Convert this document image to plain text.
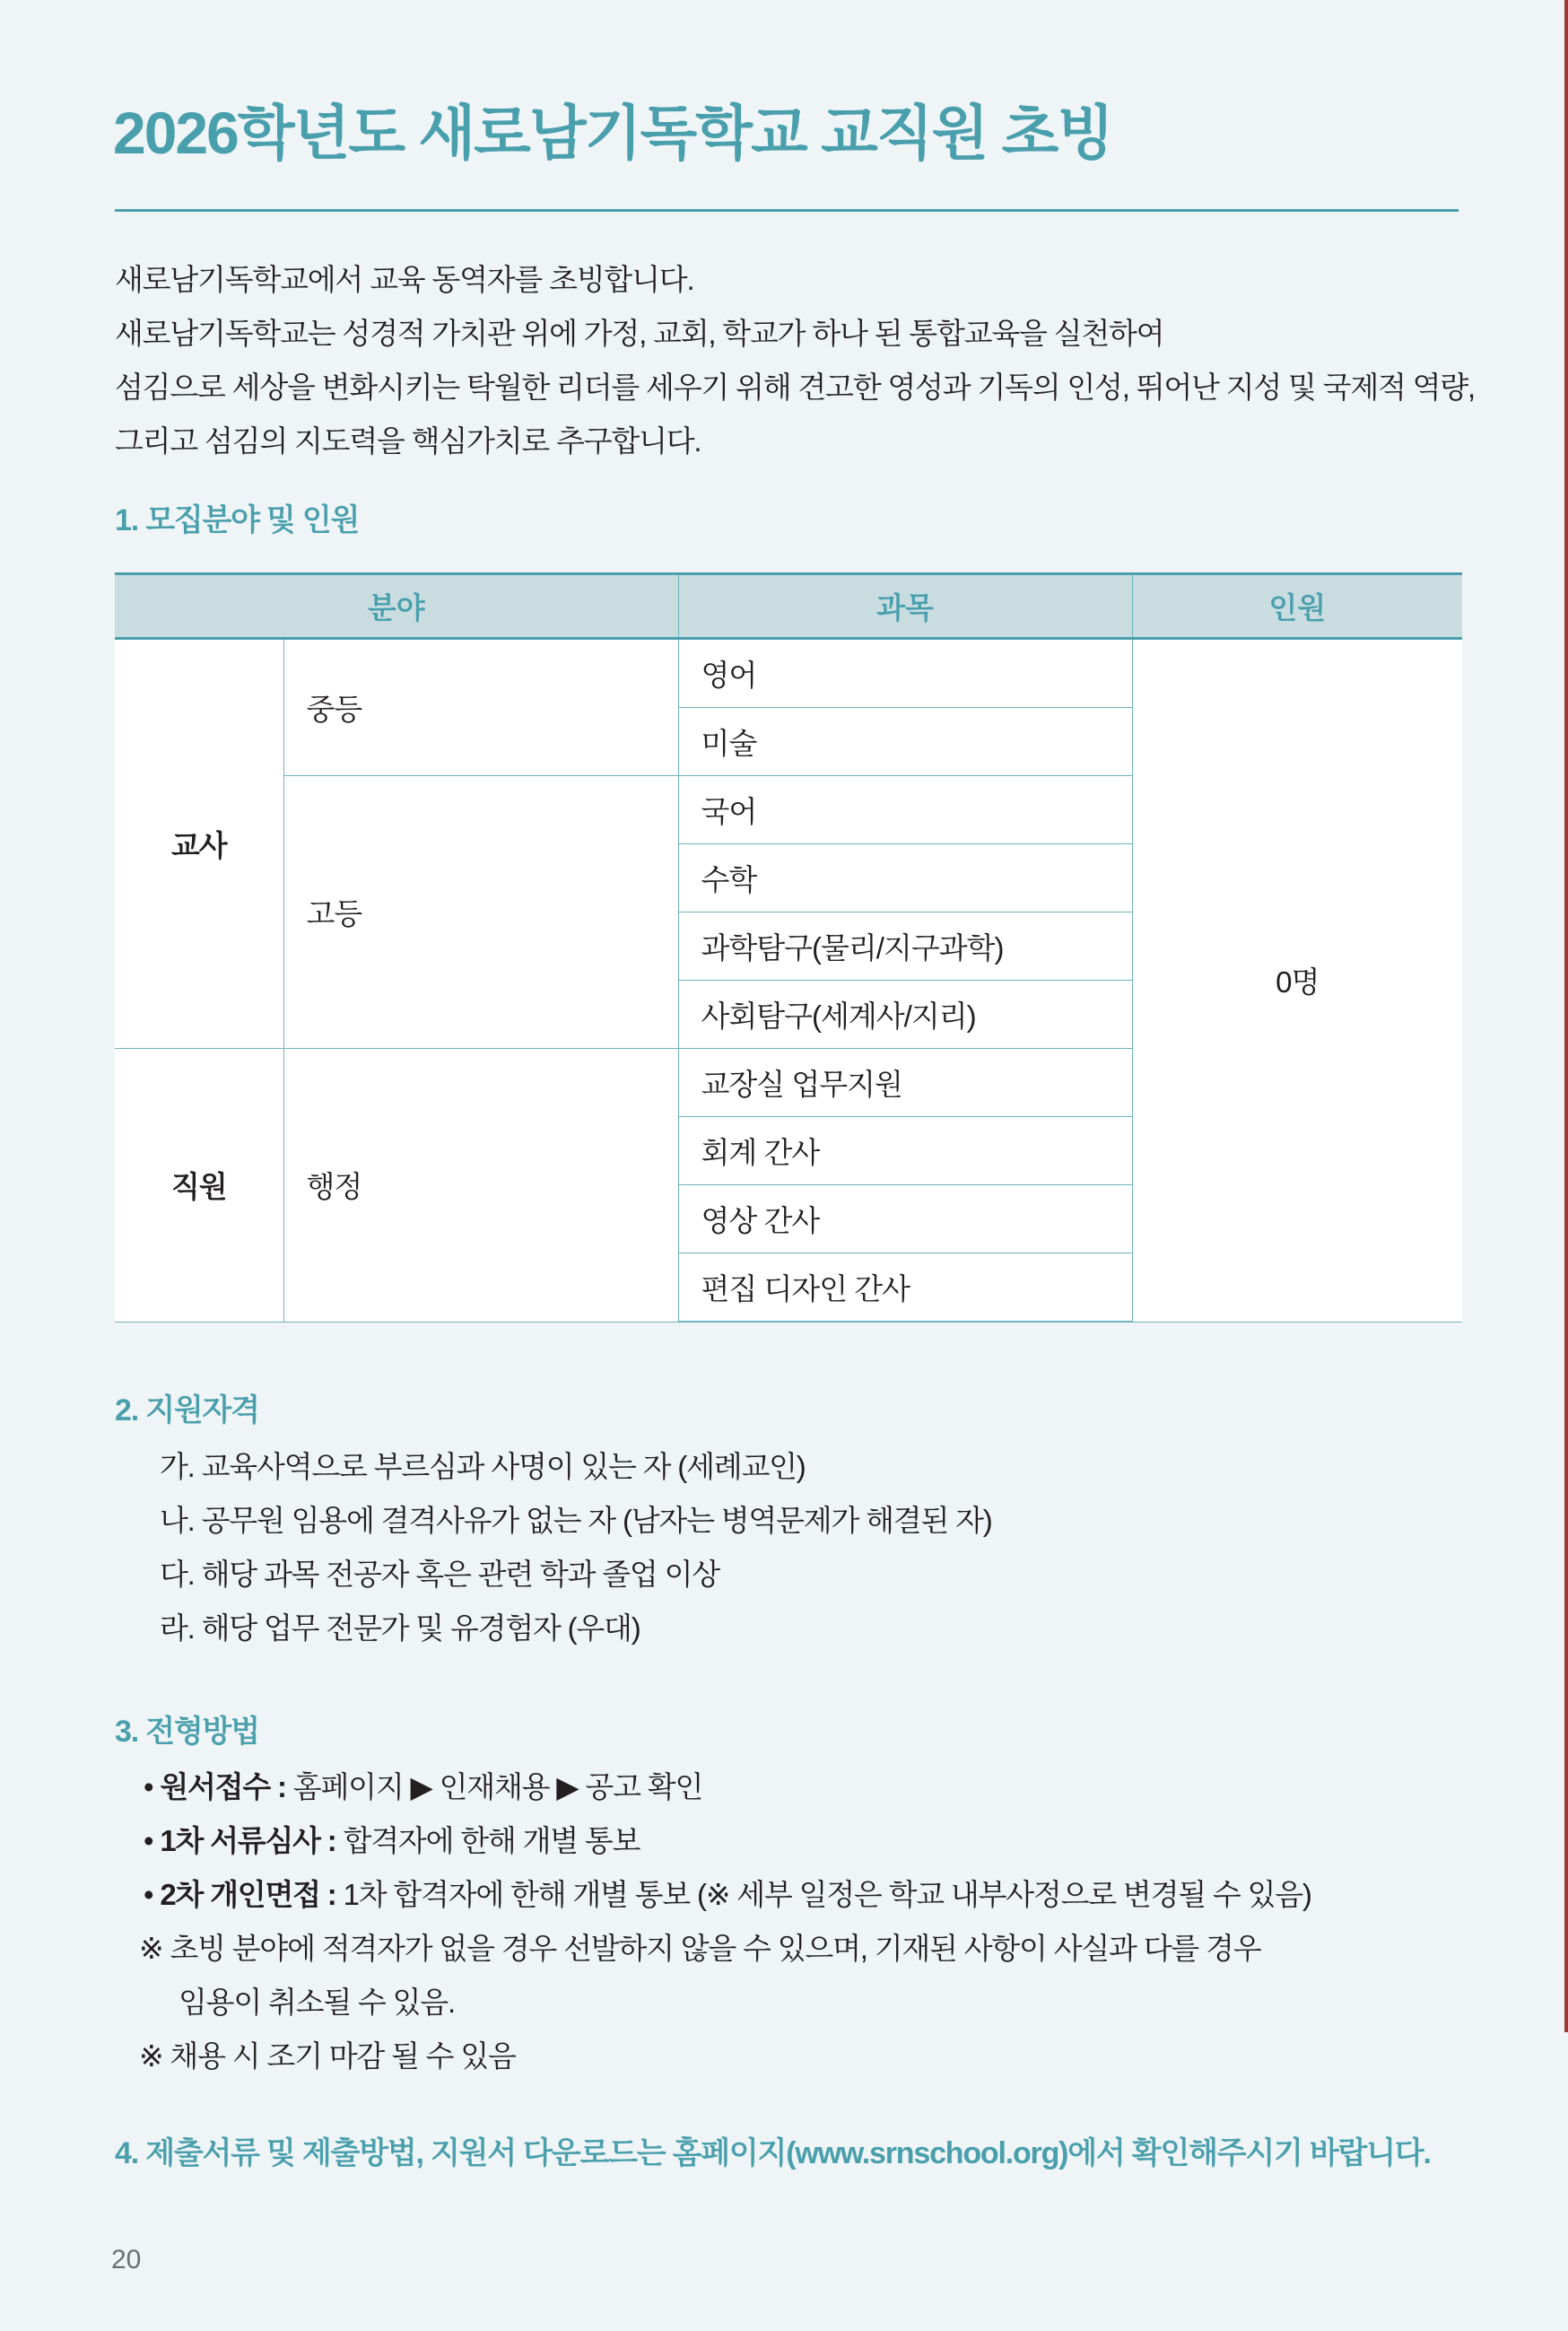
2026학년도 새로남기독학교 교직원 초빙

새로남기독학교에서 교육 동역자를 초빙합니다.

새로남기독학교는 성경적 가치관 위에 가정, 교회, 학교가 하나 된 통합교육을 실천하여

섬김으로 세상을 변화시키는 탁월한 리더를 세우기 위해 견고한 영성과 기독의 인성, 뛰어난 지성 및 국제적 역량,

그리고 섬김의 지도력을 핵심가치로 추구합니다.

1. 모집분야 및 인원
분야		과목	인원
교사	중등	영어	0명
		미술	
	고등	국어	
		수학	
		과학탐구(물리/지구과학)	
		사회탐구(세계사/지리)	
직원	행정	교장실 업무지원	
		회계 간사	
		영상 간사	
		편집 디자인 간사	
2. 지원자격
가. 교육사역으로 부르심과 사명이 있는 자 (세례교인)
나. 공무원 임용에 결격사유가 없는 자 (남자는 병역문제가 해결된 자)
다. 해당 과목 전공자 혹은 관련 학과 졸업 이상
라. 해당 업무 전문가 및 유경험자 (우대)
3. 전형방법
• 원서접수 : 홈페이지 ▶ 인재채용 ▶ 공고 확인
• 1차 서류심사 : 합격자에 한해 개별 통보
• 2차 개인면접 : 1차 합격자에 한해 개별 통보 (※ 세부 일정은 학교 내부사정으로 변경될 수 있음)

※ 초빙 분야에 적격자가 없을 경우 선발하지 않을 수 있으며, 기재된 사항이 사실과 다를 경우

임용이 취소될 수 있음.

※ 채용 시 조기 마감 될 수 있음

4. 제출서류 및 제출방법, 지원서 다운로드는 홈페이지(www.srnschool.org)에서 확인해주시기 바랍니다.
20
